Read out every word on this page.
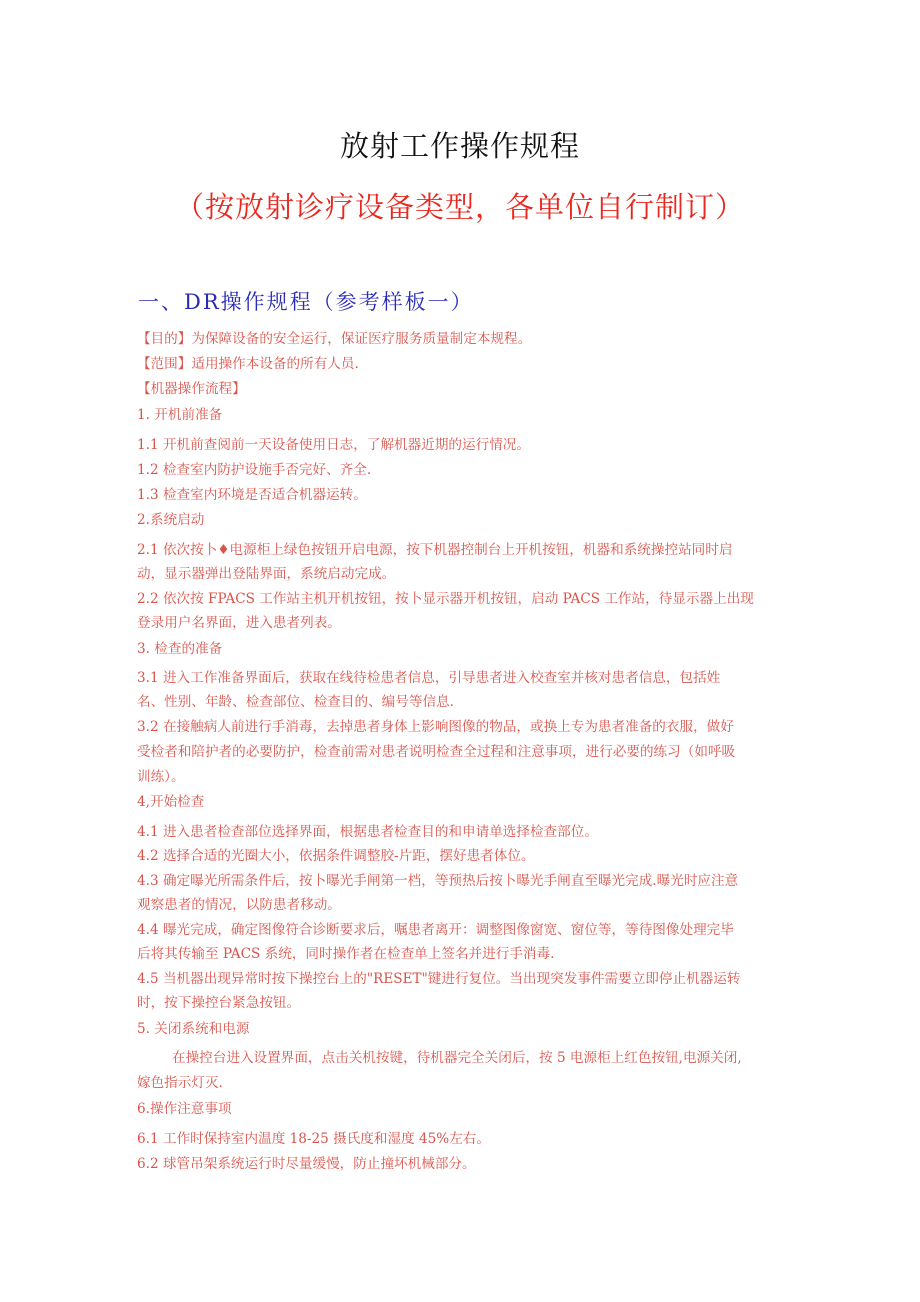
放射工作操作规程
（按放射诊疗设备类型，各单位自行制订）
一、DR操作规程（参考样板一）

【目的】为保障设备的安全运行，保证医疗服务质量制定本规程。

【范围】适用操作本设备的所有人员.

【机器操作流程】

1. 开机前准备

1.1 开机前查阅前一天设备使用日志，了解机器近期的运行情况。

1.2 检查室内防护设施手否完好、齐全.

1.3 检查室内环境是否适合机器运转。

2.系统启动

2.1 依次按卜♦电源柜上绿色按钮开启电源，按下机器控制台上开机按钮，机器和系统操控站同时启

动，显示器弹出登陆界面，系统启动完成。

2.2 依次按 FPACS 工作站主机开机按钮，按卜显示器开机按钮，启动 PACS 工作站，待显示器上出现

登录用户名界面，进入患者列表。

3. 检查的准备

3.1 进入工作准备界面后，获取在线待检患者信息，引导患者进入校查室并核对患者信息，包括姓

名、性别、年龄、检查部位、检查目的、编号等信息.

3.2 在接触病人前进行手消毒，去掉患者身体上影响图像的物品，或换上专为患者准备的衣服，做好

受检者和陪护者的必要防护，检查前需对患者说明检查全过程和注意事项，进行必要的练习（如呼吸

训练）。

4,开始检查

4.1 进入患者检查部位选择界面，根据患者检查目的和申请单选择检查部位。

4.2 选择合适的光圈大小，依据条件调整胶-片距，摆好患者体位。

4.3 确定曝光所需条件后，按卜曝光手闸第一档，等预热后按卜曝光手闸直至曝光完成.曝光时应注意

观察患者的情况，以防患者移动。

4.4 曝光完成，确定图像符合诊断要求后，嘱患者离开：调整图像窗宽、窗位等，等待图像处理完毕

后将其传输至 PACS 系统，同时操作者在检查单上签名并进行手消毒.

4.5 当机器出现异常时按下操控台上的"RESET"键进行复位。当出现突发事件需要立即停止机器运转

时，按下操控台紧急按钮。

5. 关闭系统和电源

在操控台进入设置界面，点击关机按键，待机器完全关闭后，按 5 电源柜上红色按钮,电源关闭,

嫁色指示灯灭.

6.操作注意事项

6.1 工作时保持室内温度 18-25 摄氏度和湿度 45%左右。

6.2 球管吊架系统运行时尽量缓慢，防止撞坏机械部分。
